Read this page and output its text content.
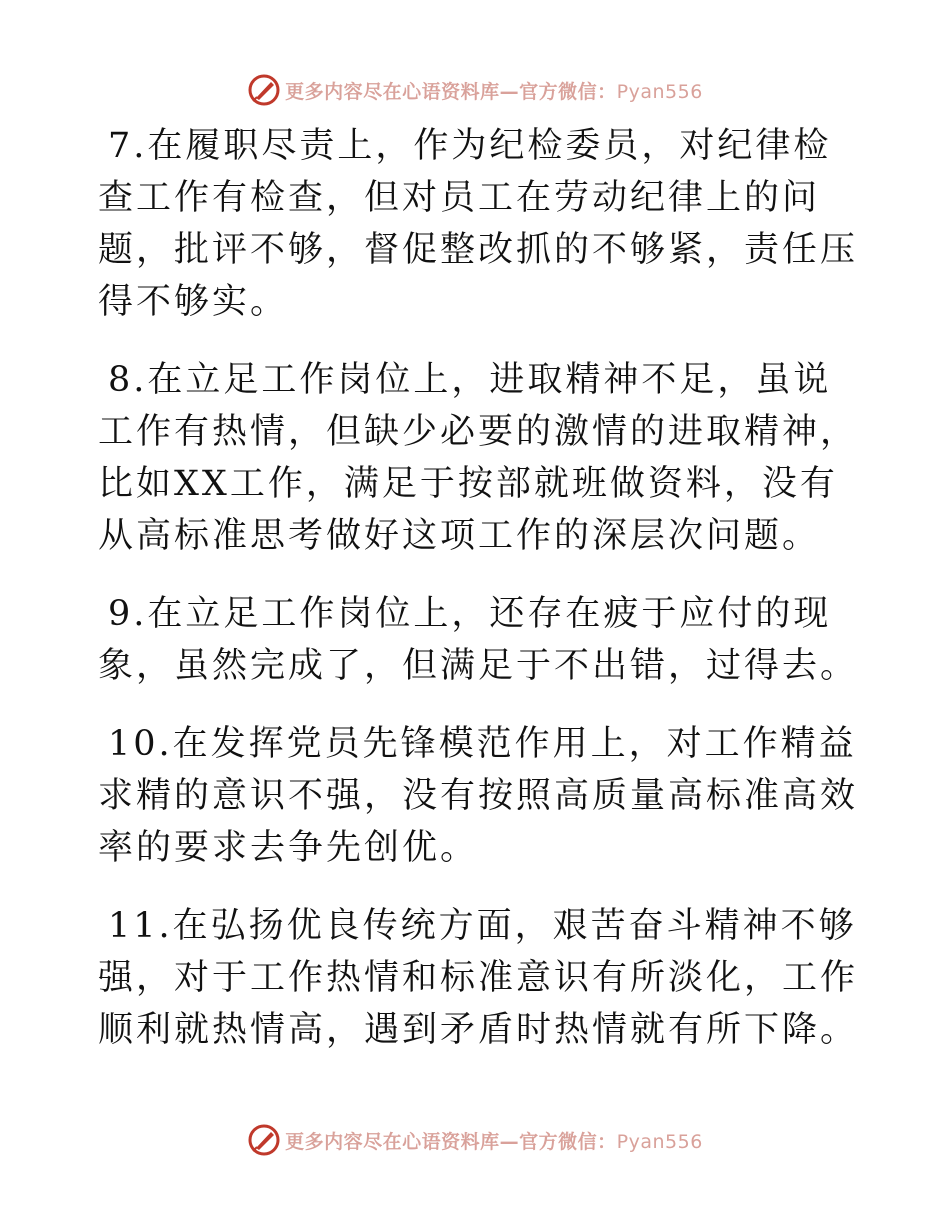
更多内容尽在心语资料库—官方微信：Pyan556

7.在履职尽责上，作为纪检委员，对纪律检查工作有检查，但对员工在劳动纪律上的问题，批评不够，督促整改抓的不够紧，责任压得不够实。

8.在立足工作岗位上，进取精神不足，虽说工作有热情，但缺少必要的激情的进取精神，比如XX工作，满足于按部就班做资料，没有从高标准思考做好这项工作的深层次问题。

9.在立足工作岗位上，还存在疲于应付的现象，虽然完成了，但满足于不出错，过得去。

10.在发挥党员先锋模范作用上，对工作精益求精的意识不强，没有按照高质量高标准高效率的要求去争先创优。

11.在弘扬优良传统方面，艰苦奋斗精神不够强，对于工作热情和标准意识有所淡化，工作顺利就热情高，遇到矛盾时热情就有所下降。

更多内容尽在心语资料库—官方微信：Pyan556
